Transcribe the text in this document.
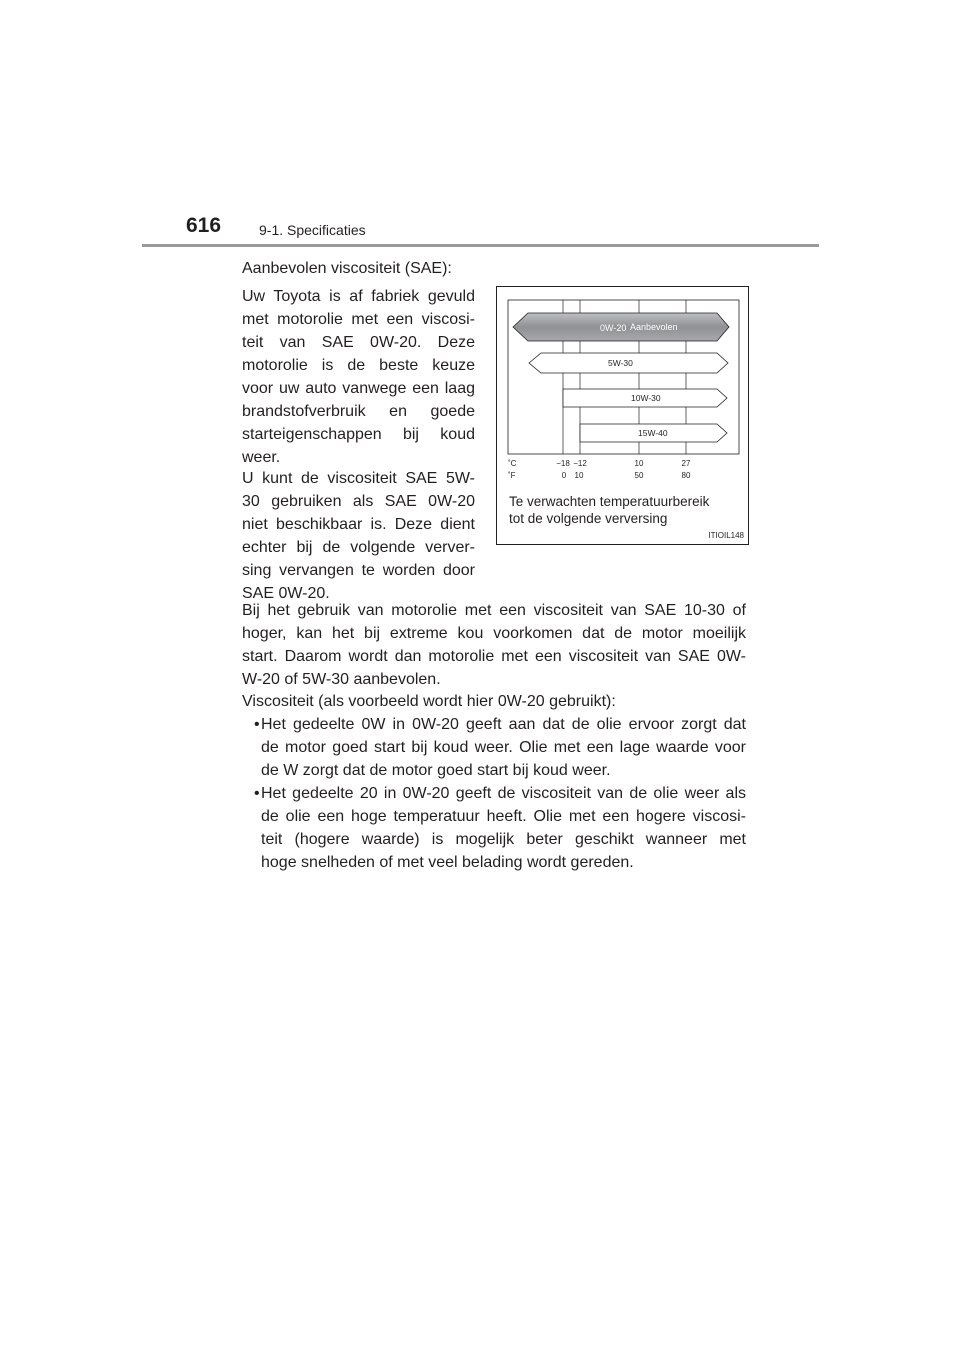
616	9-1. Specificaties
Aanbevolen viscositeit (SAE):
Uw Toyota is af fabriek gevuld
met motorolie met een viscosi-
teit van SAE 0W-20. Deze
motorolie is de beste keuze
voor uw auto vanwege een laag
brandstofverbruik en goede
starteigenschappen bij koud
weer.
U kunt de viscositeit SAE 5W-
30 gebruiken als SAE 0W-20
niet beschikbaar is. Deze dient
echter bij de volgende verver-
sing vervangen te worden door
SAE 0W-20.
0W-20 Aanbevolen
5W-30
10W-30
15W-40
˚C
˚F
−18 −12	10	27
0 10	50	80
Te verwachten temperatuurbereik
tot de volgende verversing
ITIOIL148
Bij het gebruik van motorolie met een viscositeit van SAE 10-30 of
hoger, kan het bij extreme kou voorkomen dat de motor moeilijk
start. Daarom wordt dan motorolie met een viscositeit van SAE 0W-
W-20 of 5W-30 aanbevolen.
Viscositeit (als voorbeeld wordt hier 0W-20 gebruikt):
• Het gedeelte 0W in 0W-20 geeft aan dat de olie ervoor zorgt dat
de motor goed start bij koud weer. Olie met een lage waarde voor
de W zorgt dat de motor goed start bij koud weer.
• Het gedeelte 20 in 0W-20 geeft de viscositeit van de olie weer als
de olie een hoge temperatuur heeft. Olie met een hogere viscosi-
teit (hogere waarde) is mogelijk beter geschikt wanneer met
hoge snelheden of met veel belading wordt gereden.
